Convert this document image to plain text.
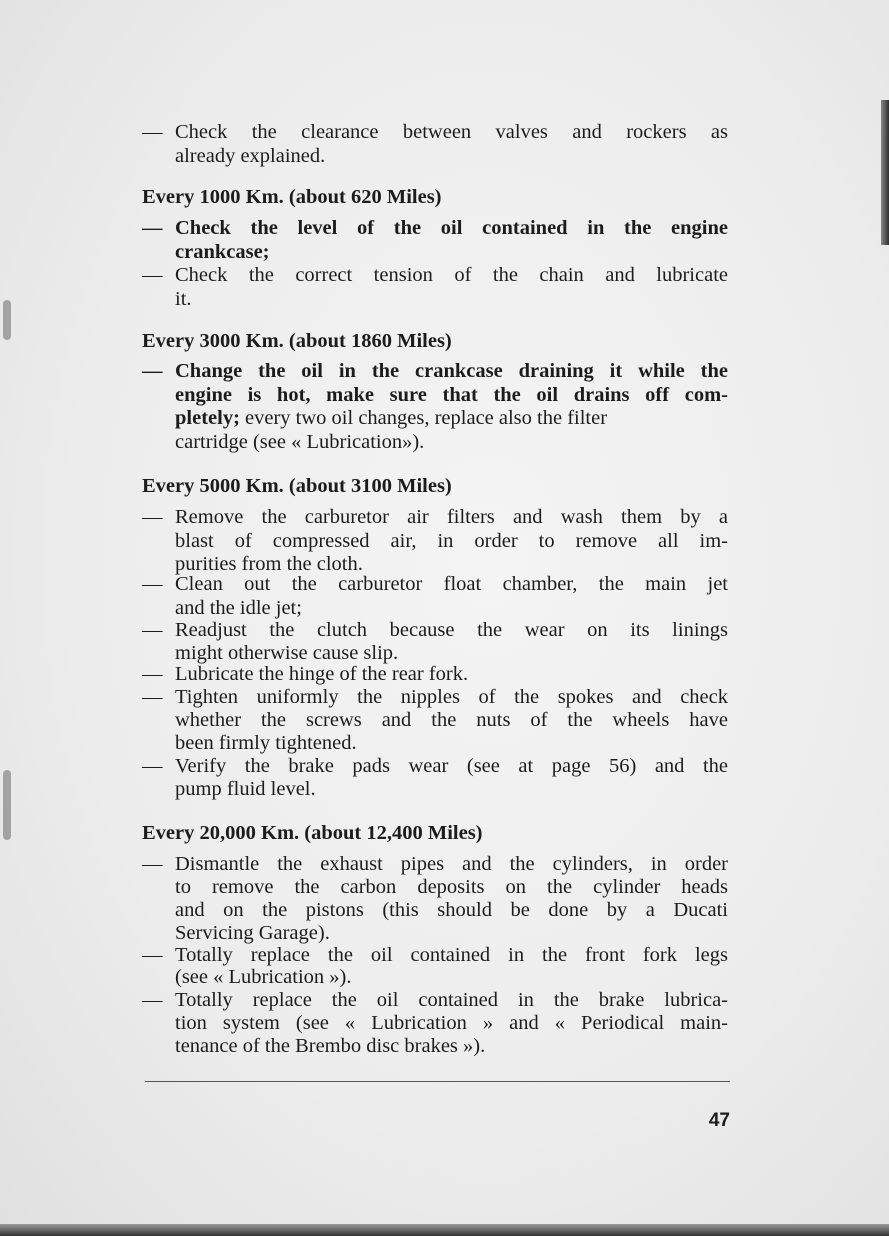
— Check the clearance between valves and rockers as
already explained.
Every 1000 Km. (about 620 Miles)
— Check the level of the oil contained in the engine
crankcase;
— Check the correct tension of the chain and lubricate
it.
Every 3000 Km. (about 1860 Miles)
— Change the oil in the crankcase draining it while the
engine is hot, make sure that the oil drains off com-
pletely; every two oil changes, replace also the filter
cartridge (see « Lubrication»).
Every 5000 Km. (about 3100 Miles)
— Remove the carburetor air filters and wash them by a
blast of compressed air, in order to remove all im-
purities from the cloth.
— Clean out the carburetor float chamber, the main jet
and the idle jet;
— Readjust the clutch because the wear on its linings
might otherwise cause slip.
— Lubricate the hinge of the rear fork.
— Tighten uniformly the nipples of the spokes and check
whether the screws and the nuts of the wheels have
been firmly tightened.
— Verify the brake pads wear (see at page 56) and the
pump fluid level.
Every 20,000 Km. (about 12,400 Miles)
— Dismantle the exhaust pipes and the cylinders, in order
to remove the carbon deposits on the cylinder heads
and on the pistons (this should be done by a Ducati
Servicing Garage).
— Totally replace the oil contained in the front fork legs
(see « Lubrication »).
— Totally replace the oil contained in the brake lubrica-
tion system (see « Lubrication » and « Periodical main-
tenance of the Brembo disc brakes »).
47
